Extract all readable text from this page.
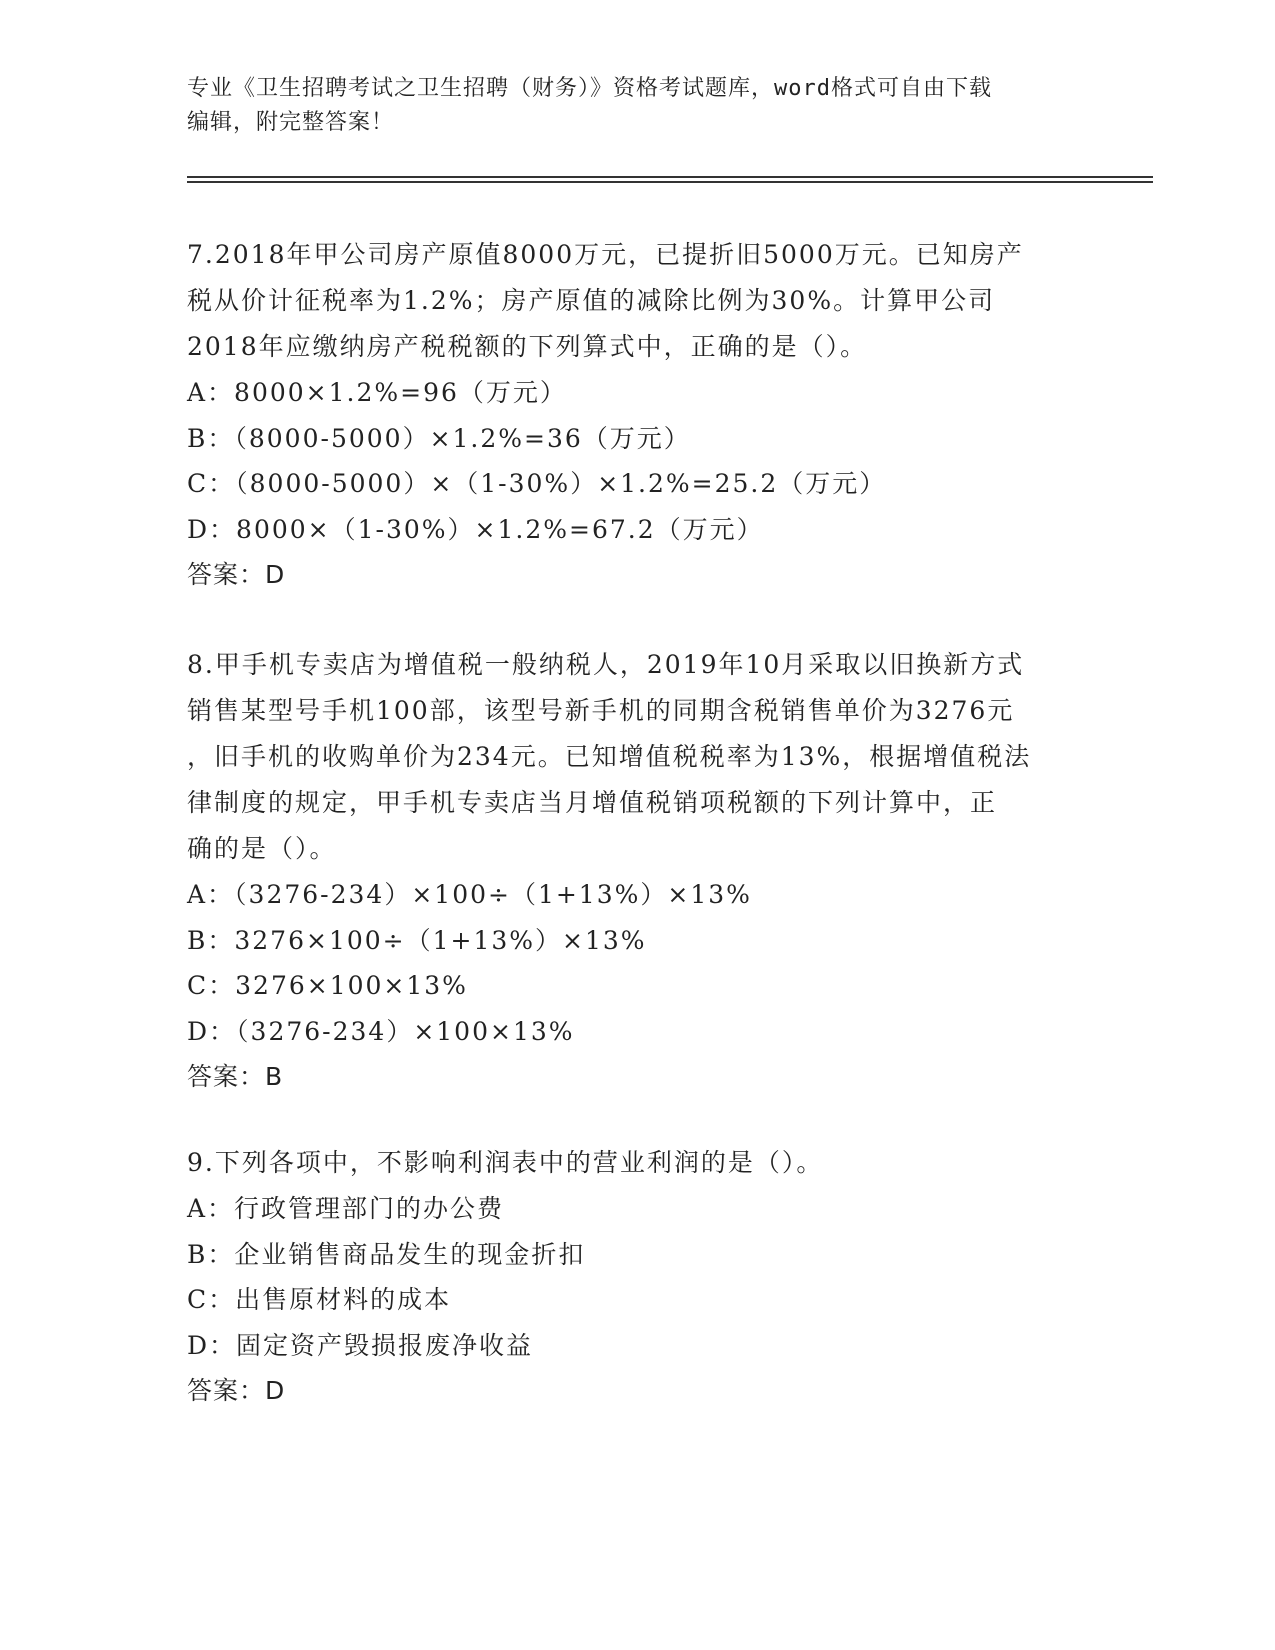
专业《卫生招聘考试之卫生招聘（财务）》资格考试题库，word格式可自由下载
编辑，附完整答案！
7.2018年甲公司房产原值8000万元，已提折旧5000万元。已知房产
税从价计征税率为1.2%；房产原值的减除比例为30%。计算甲公司
2018年应缴纳房产税税额的下列算式中，正确的是（）。
A：8000×1.2%=96（万元）
B：（8000-5000）×1.2%=36（万元）
C：（8000-5000）×（1-30%）×1.2%=25.2（万元）
D：8000×（1-30%）×1.2%=67.2（万元）
答案：D
8.甲手机专卖店为增值税一般纳税人，2019年10月采取以旧换新方式
销售某型号手机100部，该型号新手机的同期含税销售单价为3276元
，旧手机的收购单价为234元。已知增值税税率为13%，根据增值税法
律制度的规定，甲手机专卖店当月增值税销项税额的下列计算中，正
确的是（）。
A：（3276-234）×100÷（1+13%）×13%
B：3276×100÷（1+13%）×13%
C：3276×100×13%
D：（3276-234）×100×13%
答案：B
9.下列各项中，不影响利润表中的营业利润的是（）。
A：行政管理部门的办公费
B：企业销售商品发生的现金折扣
C：出售原材料的成本
D：固定资产毁损报废净收益
答案：D
